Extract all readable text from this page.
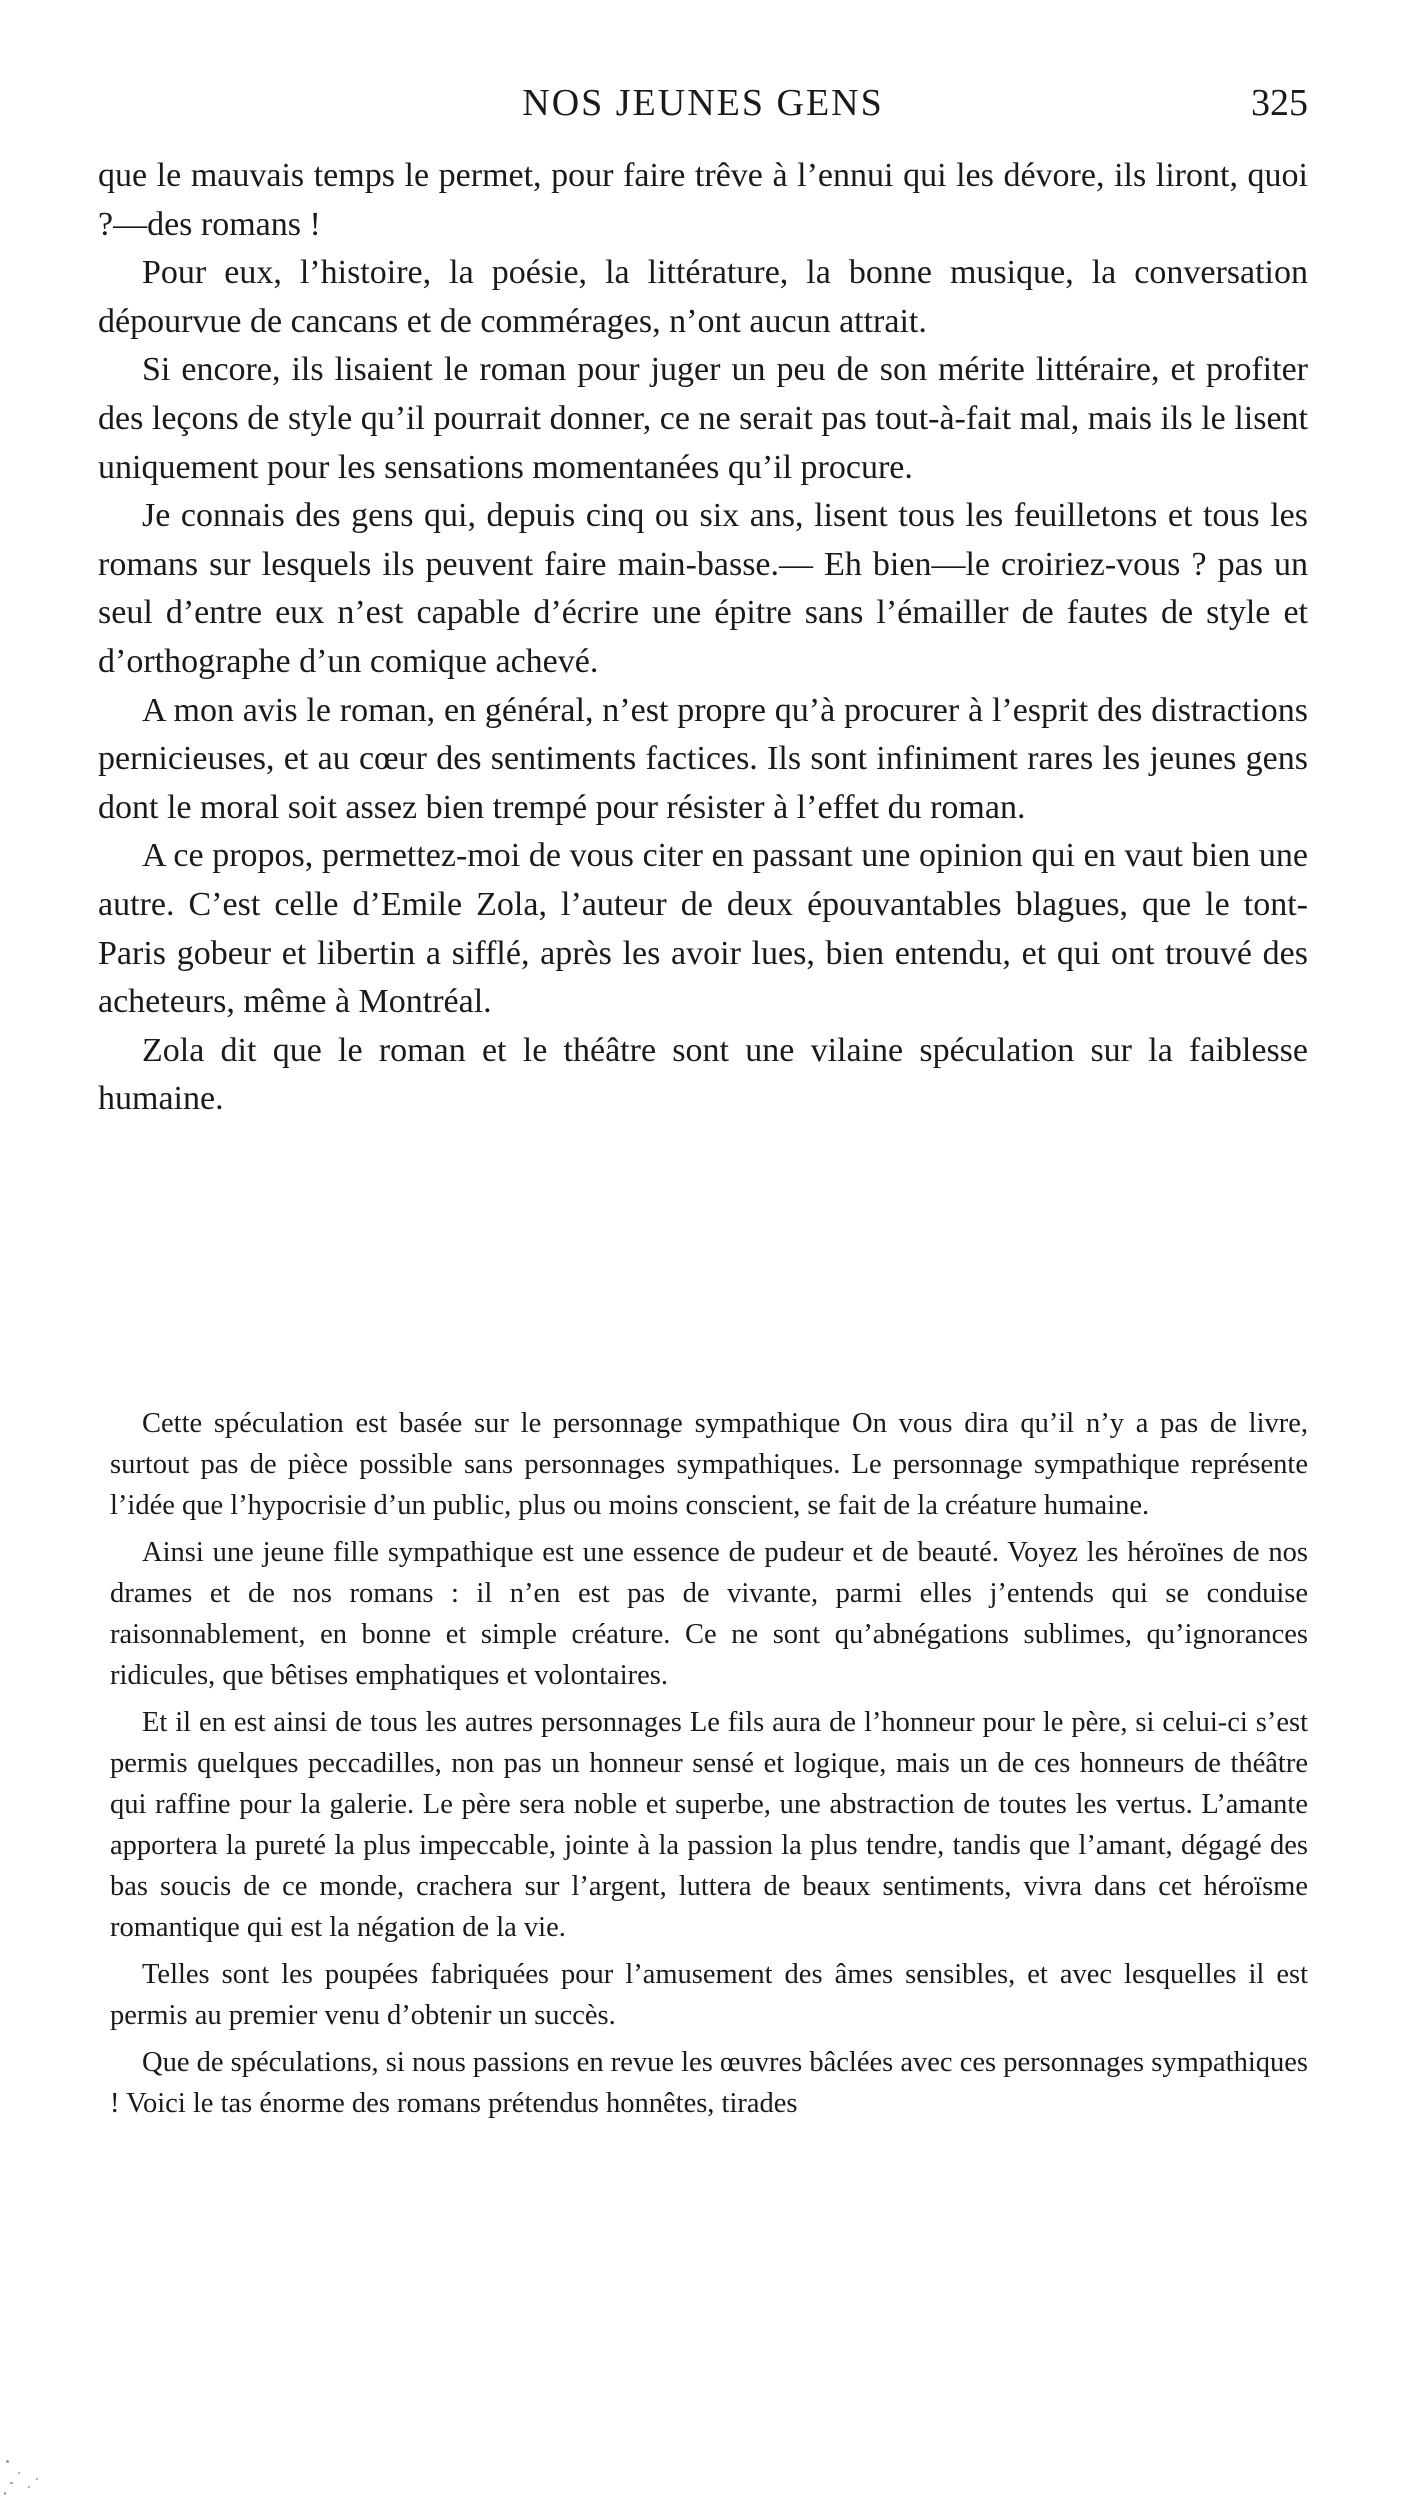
NOS JEUNES GENS	325

que le mauvais temps le permet, pour faire trêve à l’ennui qui les dévore, ils liront, quoi ?—des romans !

Pour eux, l’histoire, la poésie, la littérature, la bonne musique, la conversation dépourvue de cancans et de commérages, n’ont aucun attrait.

Si encore, ils lisaient le roman pour juger un peu de son mérite littéraire, et profiter des leçons de style qu’il pourrait donner, ce ne serait pas tout-à-fait mal, mais ils le lisent uniquement pour les sensations momentanées qu’il procure.

Je connais des gens qui, depuis cinq ou six ans, lisent tous les feuilletons et tous les romans sur lesquels ils peuvent faire main-basse.— Eh bien—le croiriez-vous ? pas un seul d’entre eux n’est capable d’écrire une épitre sans l’émailler de fautes de style et d’orthographe d’un comique achevé.

A mon avis le roman, en général, n’est propre qu’à procurer à l’esprit des distractions pernicieuses, et au cœur des sentiments factices. Ils sont infiniment rares les jeunes gens dont le moral soit assez bien trempé pour résister à l’effet du roman.

A ce propos, permettez-moi de vous citer en passant une opinion qui en vaut bien une autre. C’est celle d’Emile Zola, l’auteur de deux épouvantables blagues, que le tont-Paris gobeur et libertin a sifflé, après les avoir lues, bien entendu, et qui ont trouvé des acheteurs, même à Montréal.

Zola dit que le roman et le théâtre sont une vilaine spéculation sur la faiblesse humaine.

Cette spéculation est basée sur le personnage sympathique On vous dira qu’il n’y a pas de livre, surtout pas de pièce possible sans personnages sympathiques. Le personnage sympathique représente l’idée que l’hypocrisie d’un public, plus ou moins conscient, se fait de la créature humaine.

Ainsi une jeune fille sympathique est une essence de pudeur et de beauté. Voyez les héroïnes de nos drames et de nos romans : il n’en est pas de vivante, parmi elles j’entends qui se conduise raisonnablement, en bonne et simple créature. Ce ne sont qu’abnégations sublimes, qu’ignorances ridicules, que bêtises emphatiques et volontaires.

Et il en est ainsi de tous les autres personnages Le fils aura de l’honneur pour le père, si celui-ci s’est permis quelques peccadilles, non pas un honneur sensé et logique, mais un de ces honneurs de théâtre qui raffine pour la galerie. Le père sera noble et superbe, une abstraction de toutes les vertus. L’amante apportera la pureté la plus impeccable, jointe à la passion la plus tendre, tandis que l’amant, dégagé des bas soucis de ce monde, crachera sur l’argent, luttera de beaux sentiments, vivra dans cet héroïsme romantique qui est la négation de la vie.

Telles sont les poupées fabriquées pour l’amusement des âmes sensibles, et avec lesquelles il est permis au premier venu d’obtenir un succès.

Que de spéculations, si nous passions en revue les œuvres bâclées avec ces personnages sympathiques ! Voici le tas énorme des romans prétendus honnêtes, tirades
